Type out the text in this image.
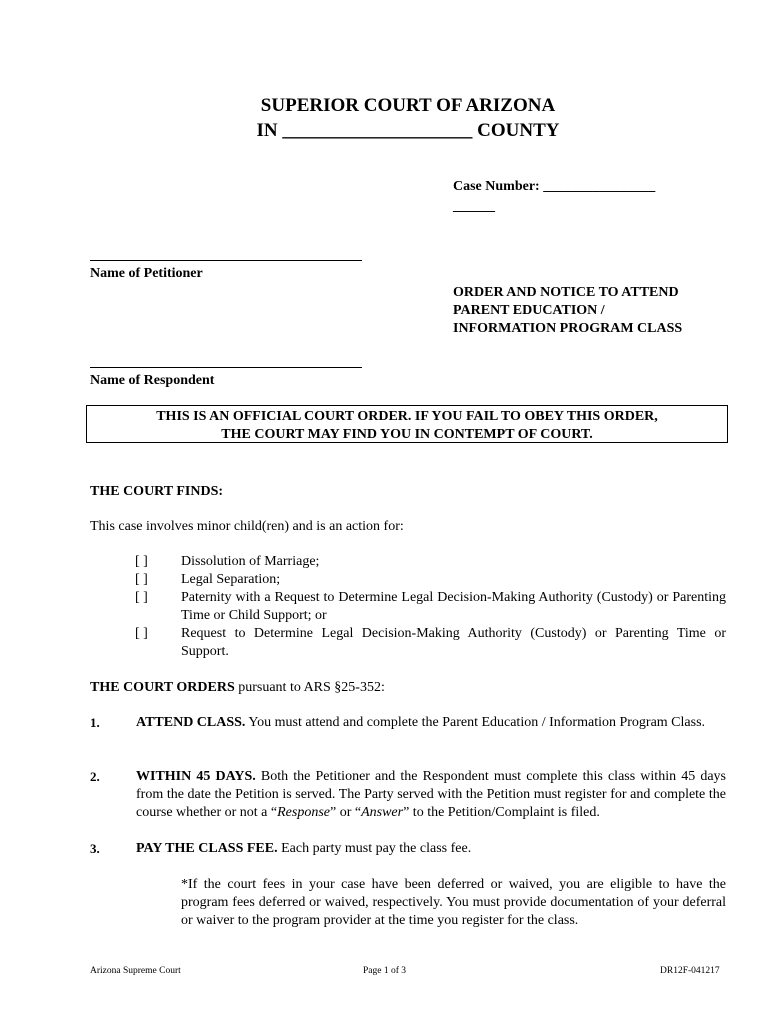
SUPERIOR COURT OF ARIZONA
IN ____________________ COUNTY
Case Number: ________________
______
Name of Petitioner
ORDER AND NOTICE TO ATTEND
PARENT EDUCATION /
INFORMATION PROGRAM CLASS
Name of Respondent
THIS IS AN OFFICIAL COURT ORDER. IF YOU FAIL TO OBEY THIS ORDER,
THE COURT MAY FIND YOU IN CONTEMPT OF COURT.
THE COURT FINDS:
This case involves minor child(ren) and is an action for:
[ ] Dissolution of Marriage;
[ ] Legal Separation;
[ ] Paternity with a Request to Determine Legal Decision-Making Authority (Custody) or Parenting Time or Child Support; or
[ ] Request to Determine Legal Decision-Making Authority (Custody) or Parenting Time or Support.
THE COURT ORDERS pursuant to ARS §25-352:
1.	ATTEND CLASS. You must attend and complete the Parent Education / Information Program Class.
2.	WITHIN 45 DAYS. Both the Petitioner and the Respondent must complete this class within 45 days from the date the Petition is served. The Party served with the Petition must register for and complete the course whether or not a “Response” or “Answer” to the Petition/Complaint is filed.
3.	PAY THE CLASS FEE. Each party must pay the class fee.
*If the court fees in your case have been deferred or waived, you are eligible to have the program fees deferred or waived, respectively. You must provide documentation of your deferral or waiver to the program provider at the time you register for the class.
Arizona Supreme Court	Page 1 of 3	DR12F-041217
